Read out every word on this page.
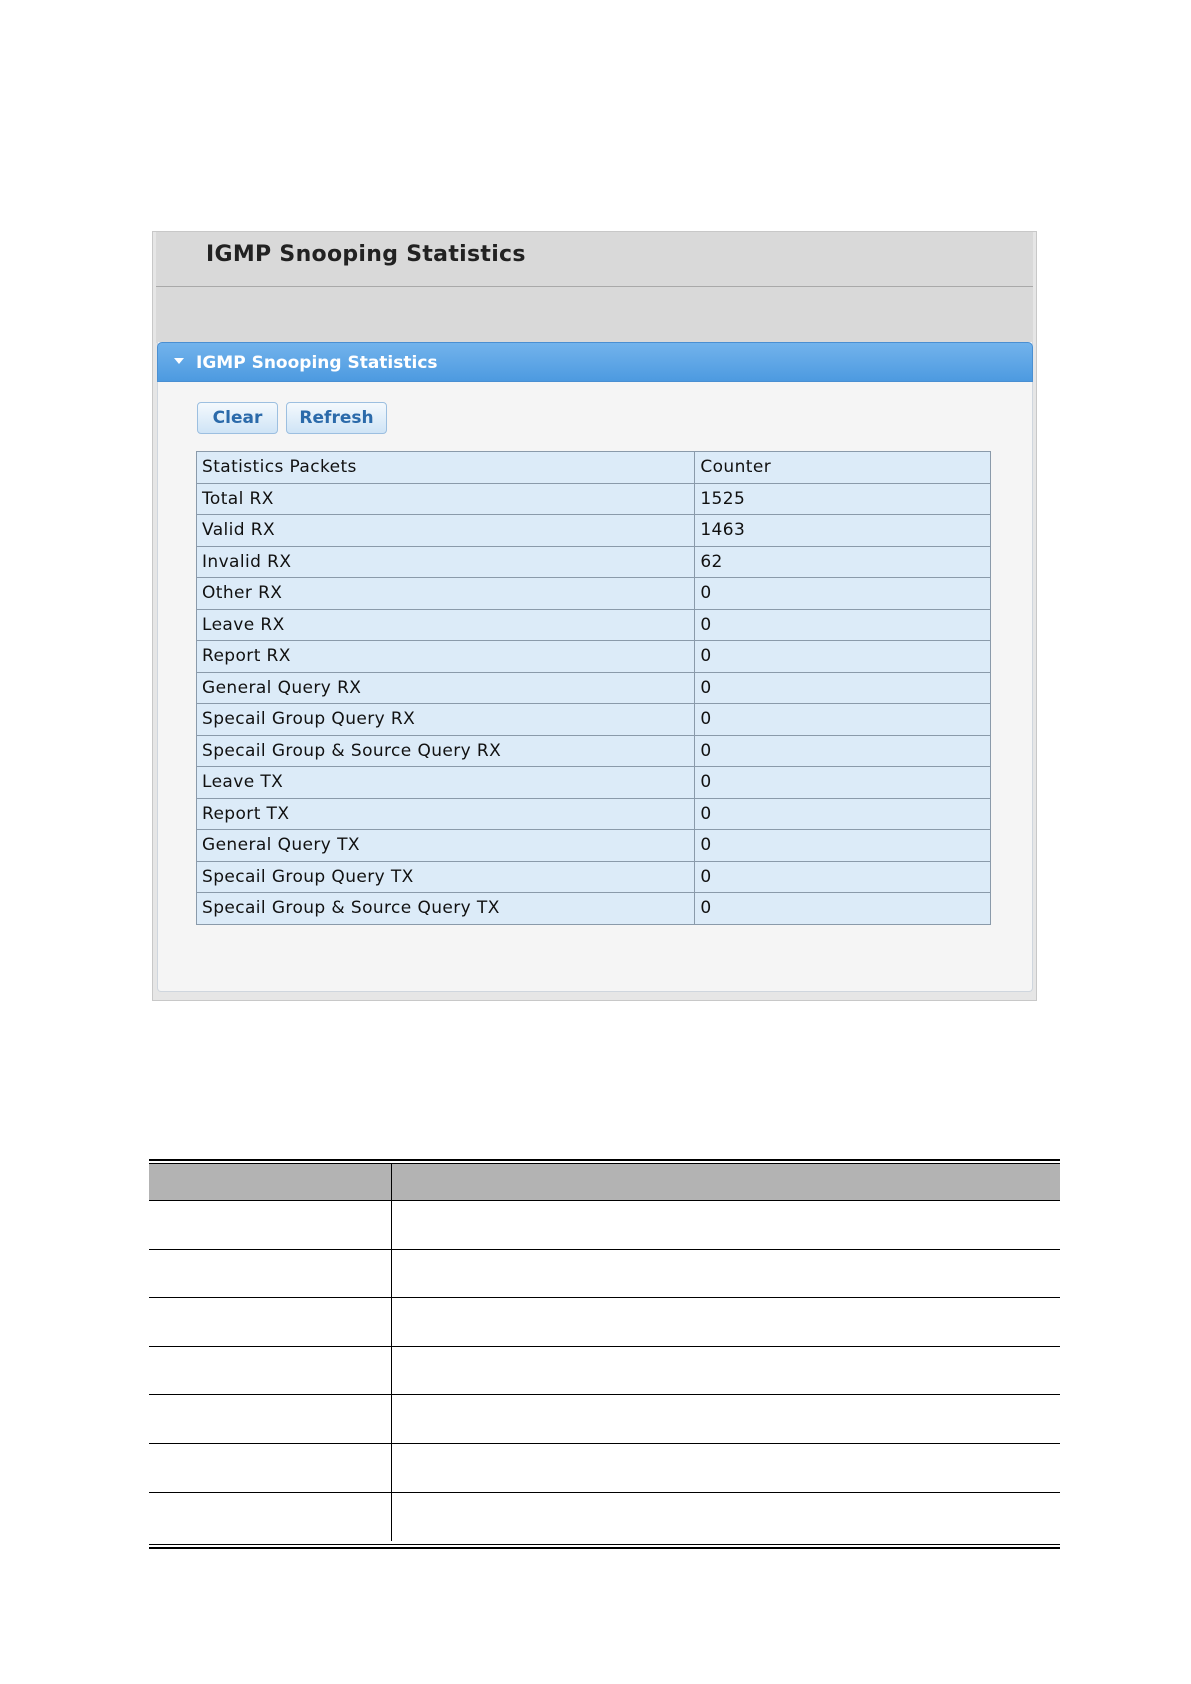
IGMP Snooping Statistics
IGMP Snooping Statistics
Clear	Refresh
Statistics Packets	Counter
Total RX	1525
Valid RX	1463
Invalid RX	62
Other RX	0
Leave RX	0
Report RX	0
General Query RX	0
Specail Group Query RX	0
Specail Group & Source Query RX	0
Leave TX	0
Report TX	0
General Query TX	0
Specail Group Query TX	0
Specail Group & Source Query TX	0
